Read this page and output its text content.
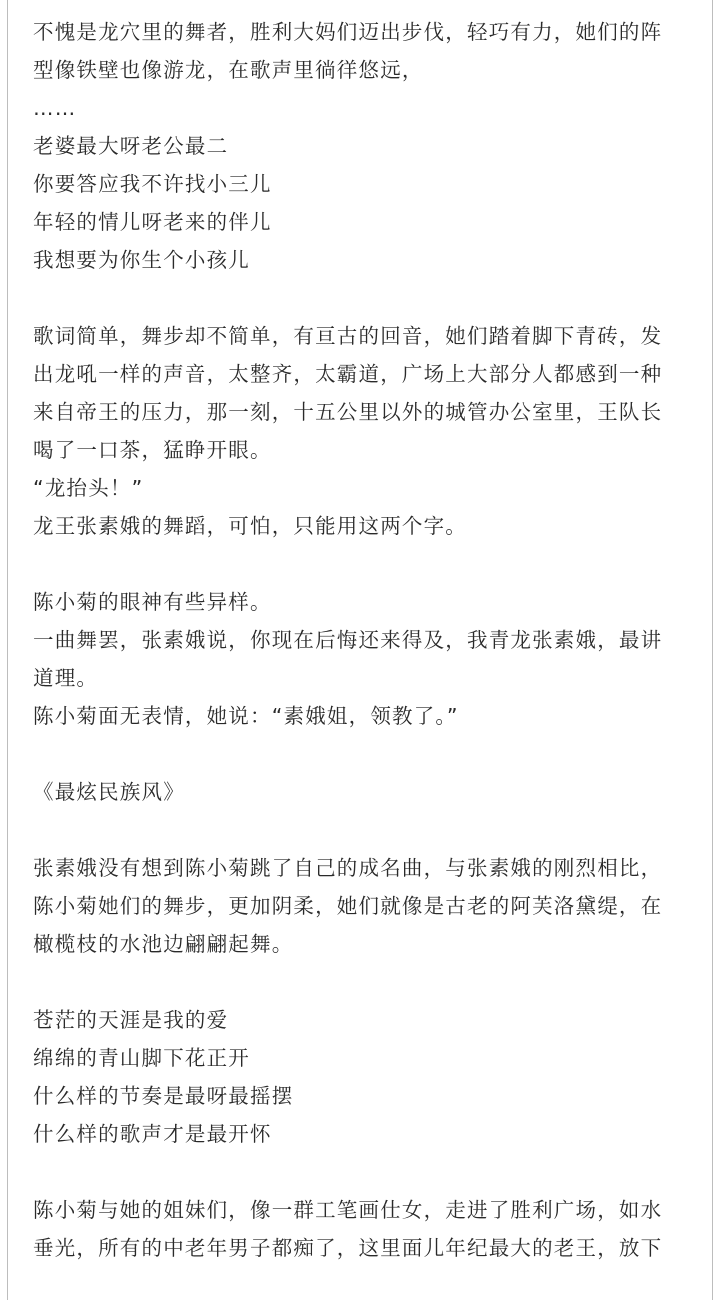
不愧是龙穴里的舞者，胜利大妈们迈出步伐，轻巧有力，她们的阵
型像铁壁也像游龙，在歌声里徜徉悠远，
……
老婆最大呀老公最二
你要答应我不许找小三儿
年轻的情儿呀老来的伴儿
我想要为你生个小孩儿
歌词简单，舞步却不简单，有亘古的回音，她们踏着脚下青砖，发
出龙吼一样的声音，太整齐，太霸道，广场上大部分人都感到一种
来自帝王的压力，那一刻，十五公里以外的城管办公室里，王队长
喝了一口茶，猛睁开眼。
“龙抬头！”
龙王张素娥的舞蹈，可怕，只能用这两个字。
陈小菊的眼神有些异样。
一曲舞罢，张素娥说，你现在后悔还来得及，我青龙张素娥，最讲
道理。
陈小菊面无表情，她说：“素娥姐，领教了。”
《最炫民族风》
张素娥没有想到陈小菊跳了自己的成名曲，与张素娥的刚烈相比，
陈小菊她们的舞步，更加阴柔，她们就像是古老的阿芙洛黛缇，在
橄榄枝的水池边翩翩起舞。
苍茫的天涯是我的爱
绵绵的青山脚下花正开
什么样的节奏是最呀最摇摆
什么样的歌声才是最开怀
陈小菊与她的姐妹们，像一群工笔画仕女，走进了胜利广场，如水
垂光，所有的中老年男子都痴了，这里面儿年纪最大的老王，放下
